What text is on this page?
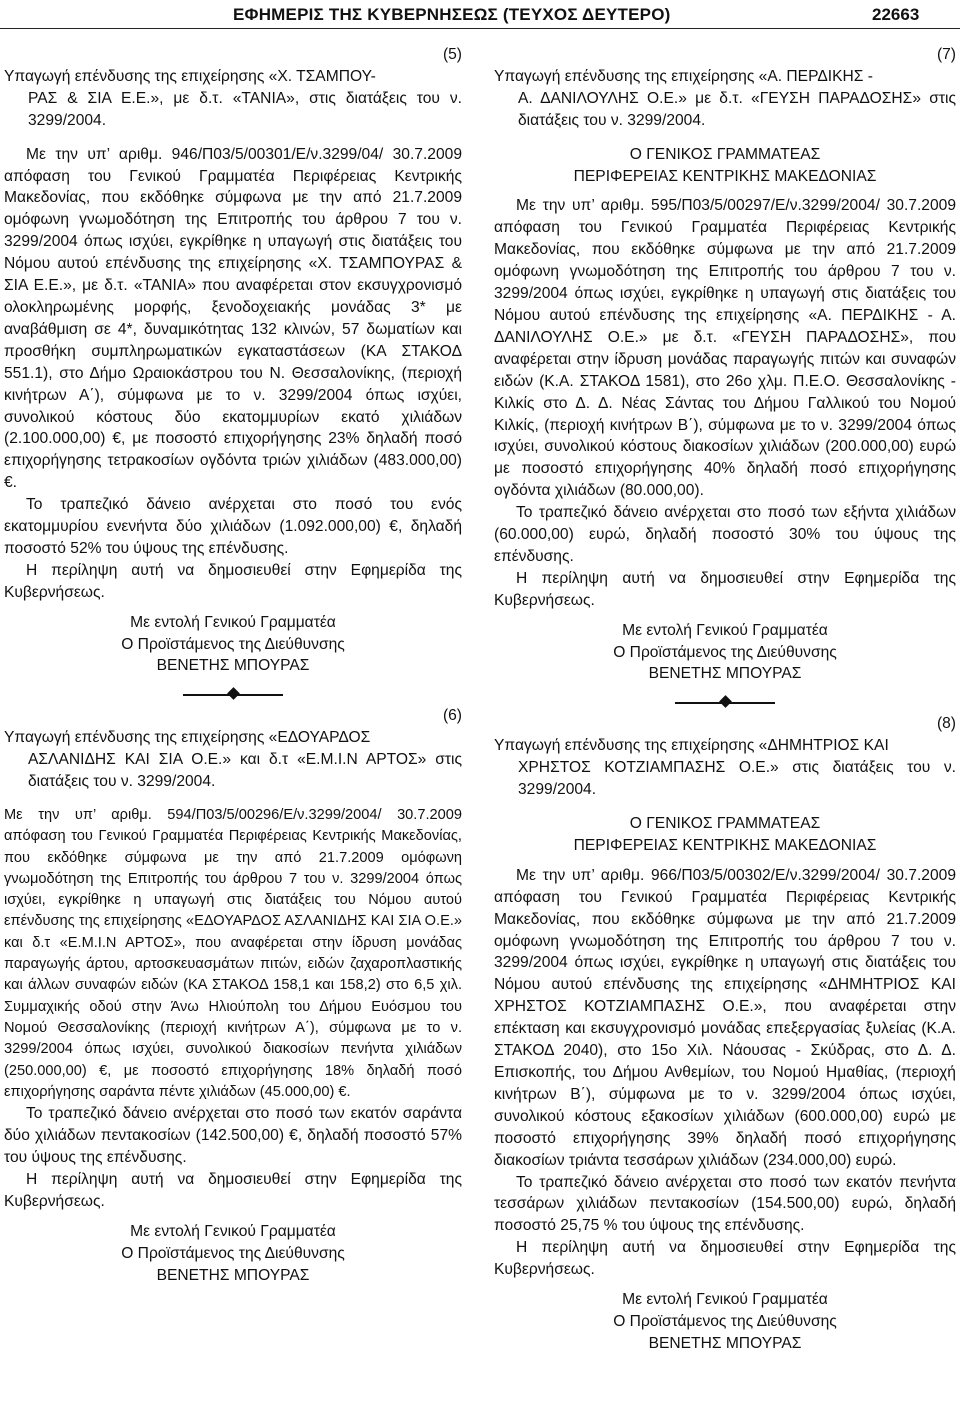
ΕΦΗΜΕΡΙΣ ΤΗΣ ΚΥΒΕΡΝΗΣΕΩΣ (ΤΕΥΧΟΣ ΔΕΥΤΕΡΟ)	22663

(5)

Υπαγωγή επένδυσης της επιχείρησης «Χ. ΤΣΑΜΠΟΥ-
ΡΑΣ & ΣΙΑ Ε.Ε.», με δ.τ. «ΤΑΝΙΑ», στις διατάξεις του ν. 3299/2004.

Με την υπ’ αριθμ. 946/Π03/5/00301/Ε/ν.3299/04/ 30.7.2009 απόφαση του Γενικού Γραμματέα Περιφέρειας Κεντρικής Μακεδονίας, που εκδόθηκε σύμφωνα με την από 21.7.2009 ομόφωνη γνωμοδότηση της Επιτροπής του άρθρου 7 του ν. 3299/2004 όπως ισχύει, εγκρίθηκε η υπαγωγή στις διατάξεις του Νόμου αυτού επένδυσης της επιχείρησης «Χ. ΤΣΑΜΠΟΥΡΑΣ & ΣΙΑ Ε.Ε.», με δ.τ. «ΤΑΝΙΑ» που αναφέρεται στον εκσυγχρονισμό ολοκληρωμένης μορφής, ξενοδοχειακής μονάδας 3* με αναβάθμιση σε 4*, δυναμικότητας 132 κλινών, 57 δωματίων και προσθήκη συμπληρωματικών εγκαταστάσεων (ΚΑ ΣΤΑΚΟΔ 551.1), στο Δήμο Ωραιοκάστρου του Ν. Θεσσαλονίκης, (περιοχή κινήτρων Α΄), σύμφωνα με το ν. 3299/2004 όπως ισχύει, συνολικού κόστους δύο εκατομμυρίων εκατό χιλιάδων (2.100.000,00) €, με ποσοστό επιχορήγησης 23% δηλαδή ποσό επιχορήγησης τετρακοσίων ογδόντα τριών χιλιάδων (483.000,00) €.

Το τραπεζικό δάνειο ανέρχεται στο ποσό του ενός εκατομμυρίου ενενήντα δύο χιλιάδων (1.092.000,00) €, δηλαδή ποσοστό 52% του ύψους της επένδυσης.

Η περίληψη αυτή να δημοσιευθεί στην Εφημερίδα της Κυβερνήσεως.

Με εντολή Γενικού Γραμματέα

Ο Προϊστάμενος της Διεύθυνσης

ΒΕΝΕΤΗΣ ΜΠΟΥΡΑΣ

(6)

Υπαγωγή επένδυσης της επιχείρησης «ΕΔΟΥΑΡΔΟΣ
ΑΣΛΑΝΙΔΗΣ ΚΑΙ ΣΙΑ Ο.Ε.» και δ.τ «Ε.Μ.Ι.Ν ΑΡΤΟΣ» στις διατάξεις του ν. 3299/2004.

Με την υπ’ αριθμ. 594/Π03/5/00296/Ε/ν.3299/2004/ 30.7.2009 απόφαση του Γενικού Γραμματέα Περιφέρειας Κεντρικής Μακεδονίας, που εκδόθηκε σύμφωνα με την από 21.7.2009 ομόφωνη γνωμοδότηση της Επιτροπής του άρθρου 7 του ν. 3299/2004 όπως ισχύει, εγκρίθηκε η υπαγωγή στις διατάξεις του Νόμου αυτού επένδυσης της επιχείρησης «ΕΔΟΥΑΡΔΟΣ ΑΣΛΑΝΙΔΗΣ ΚΑΙ ΣΙΑ Ο.Ε.» και δ.τ «Ε.Μ.Ι.Ν ΑΡΤΟΣ», που αναφέρεται στην ίδρυση μονάδας παραγωγής άρτου, αρτοσκευασμάτων πιτών, ειδών ζαχαροπλαστικής και άλλων συναφών ειδών (ΚΑ ΣΤΑΚΟΔ 158,1 και 158,2) στο 6,5 χιλ. Συμμαχικής οδού στην Άνω Ηλιούπολη του Δήμου Ευόσμου του Νομού Θεσσαλονίκης (περιοχή κινήτρων Α΄), σύμφωνα με το ν. 3299/2004 όπως ισχύει, συνολικού διακοσίων πενήντα χιλιάδων (250.000,00) €, με ποσοστό επιχορήγησης 18% δηλαδή ποσό επιχορήγησης σαράντα πέντε χιλιάδων (45.000,00) €.

Το τραπεζικό δάνειο ανέρχεται στο ποσό των εκατόν σαράντα δύο χιλιάδων πεντακοσίων (142.500,00) €, δηλαδή ποσοστό 57% του ύψους της επένδυσης.

Η περίληψη αυτή να δημοσιευθεί στην Εφημερίδα της Κυβερνήσεως.

Με εντολή Γενικού Γραμματέα

Ο Προϊστάμενος της Διεύθυνσης

ΒΕΝΕΤΗΣ ΜΠΟΥΡΑΣ

(7)

Υπαγωγή επένδυσης της επιχείρησης «Α. ΠΕΡΔΙΚΗΣ -
Α. ΔΑΝΙΛΟΥΛΗΣ Ο.Ε.» με δ.τ. «ΓΕΥΣΗ ΠΑΡΑΔΟΣΗΣ» στις διατάξεις του ν. 3299/2004.

Ο ΓΕΝΙΚΟΣ ΓΡΑΜΜΑΤΕΑΣ

ΠΕΡΙΦΕΡΕΙΑΣ ΚΕΝΤΡΙΚΗΣ ΜΑΚΕΔΟΝΙΑΣ

Με την υπ’ αριθμ. 595/Π03/5/00297/Ε/ν.3299/2004/ 30.7.2009 απόφαση του Γενικού Γραμματέα Περιφέρειας Κεντρικής Μακεδονίας, που εκδόθηκε σύμφωνα με την από 21.7.2009 ομόφωνη γνωμοδότηση της Επιτροπής του άρθρου 7 του ν. 3299/2004 όπως ισχύει, εγκρίθηκε η υπαγωγή στις διατάξεις του Νόμου αυτού επένδυσης της επιχείρησης «Α. ΠΕΡΔΙΚΗΣ - Α. ΔΑΝΙΛΟΥΛΗΣ Ο.Ε.» με δ.τ. «ΓΕΥΣΗ ΠΑΡΑΔΟΣΗΣ», που αναφέρεται στην ίδρυση μονάδας παραγωγής πιτών και συναφών ειδών (Κ.Α. ΣΤΑΚΟΔ 1581), στο 26ο χλμ. Π.Ε.Ο. Θεσσαλονίκης - Κιλκίς στο Δ. Δ. Νέας Σάντας του Δήμου Γαλλικού του Νομού Κιλκίς, (περιοχή κινήτρων Β΄), σύμφωνα με το ν. 3299/2004 όπως ισχύει, συνολικού κόστους διακοσίων χιλιάδων (200.000,00) ευρώ με ποσοστό επιχορήγησης 40% δηλαδή ποσό επιχορήγησης ογδόντα χιλιάδων (80.000,00).

Το τραπεζικό δάνειο ανέρχεται στο ποσό των εξήντα χιλιάδων (60.000,00) ευρώ, δηλαδή ποσοστό 30% του ύψους της επένδυσης.

Η περίληψη αυτή να δημοσιευθεί στην Εφημερίδα της Κυβερνήσεως.

Με εντολή Γενικού Γραμματέα

Ο Προϊστάμενος της Διεύθυνσης

ΒΕΝΕΤΗΣ ΜΠΟΥΡΑΣ

(8)

Υπαγωγή επένδυσης της επιχείρησης «ΔΗΜΗΤΡΙΟΣ ΚΑΙ
ΧΡΗΣΤΟΣ ΚΟΤΖΙΑΜΠΑΣΗΣ Ο.Ε.» στις διατάξεις του ν. 3299/2004.

Ο ΓΕΝΙΚΟΣ ΓΡΑΜΜΑΤΕΑΣ

ΠΕΡΙΦΕΡΕΙΑΣ ΚΕΝΤΡΙΚΗΣ ΜΑΚΕΔΟΝΙΑΣ

Με την υπ’ αριθμ. 966/Π03/5/00302/Ε/ν.3299/2004/ 30.7.2009 απόφαση του Γενικού Γραμματέα Περιφέρειας Κεντρικής Μακεδονίας, που εκδόθηκε σύμφωνα με την από 21.7.2009 ομόφωνη γνωμοδότηση της Επιτροπής του άρθρου 7 του ν. 3299/2004 όπως ισχύει, εγκρίθηκε η υπαγωγή στις διατάξεις του Νόμου αυτού επένδυσης της επιχείρησης «ΔΗΜΗΤΡΙΟΣ ΚΑΙ ΧΡΗΣΤΟΣ ΚΟΤΖΙΑΜΠΑΣΗΣ Ο.Ε.», που αναφέρεται στην επέκταση και εκσυγχρονισμό μονάδας επεξεργασίας ξυλείας (Κ.Α. ΣΤΑΚΟΔ 2040), στο 15ο Χιλ. Νάουσας - Σκύδρας, στο Δ. Δ. Επισκοπής, του Δήμου Ανθεμίων, του Νομού Ημαθίας, (περιοχή κινήτρων Β΄), σύμφωνα με το ν. 3299/2004 όπως ισχύει, συνολικού κόστους εξακοσίων χιλιάδων (600.000,00) ευρώ με ποσοστό επιχορήγησης 39% δηλαδή ποσό επιχορήγησης διακοσίων τριάντα τεσσάρων χιλιάδων (234.000,00) ευρώ.

Το τραπεζικό δάνειο ανέρχεται στο ποσό των εκατόν πενήντα τεσσάρων χιλιάδων πεντακοσίων (154.500,00) ευρώ, δηλαδή ποσοστό 25,75 % του ύψους της επένδυσης.

Η περίληψη αυτή να δημοσιευθεί στην Εφημερίδα της Κυβερνήσεως.

Με εντολή Γενικού Γραμματέα

Ο Προϊστάμενος της Διεύθυνσης

ΒΕΝΕΤΗΣ ΜΠΟΥΡΑΣ
